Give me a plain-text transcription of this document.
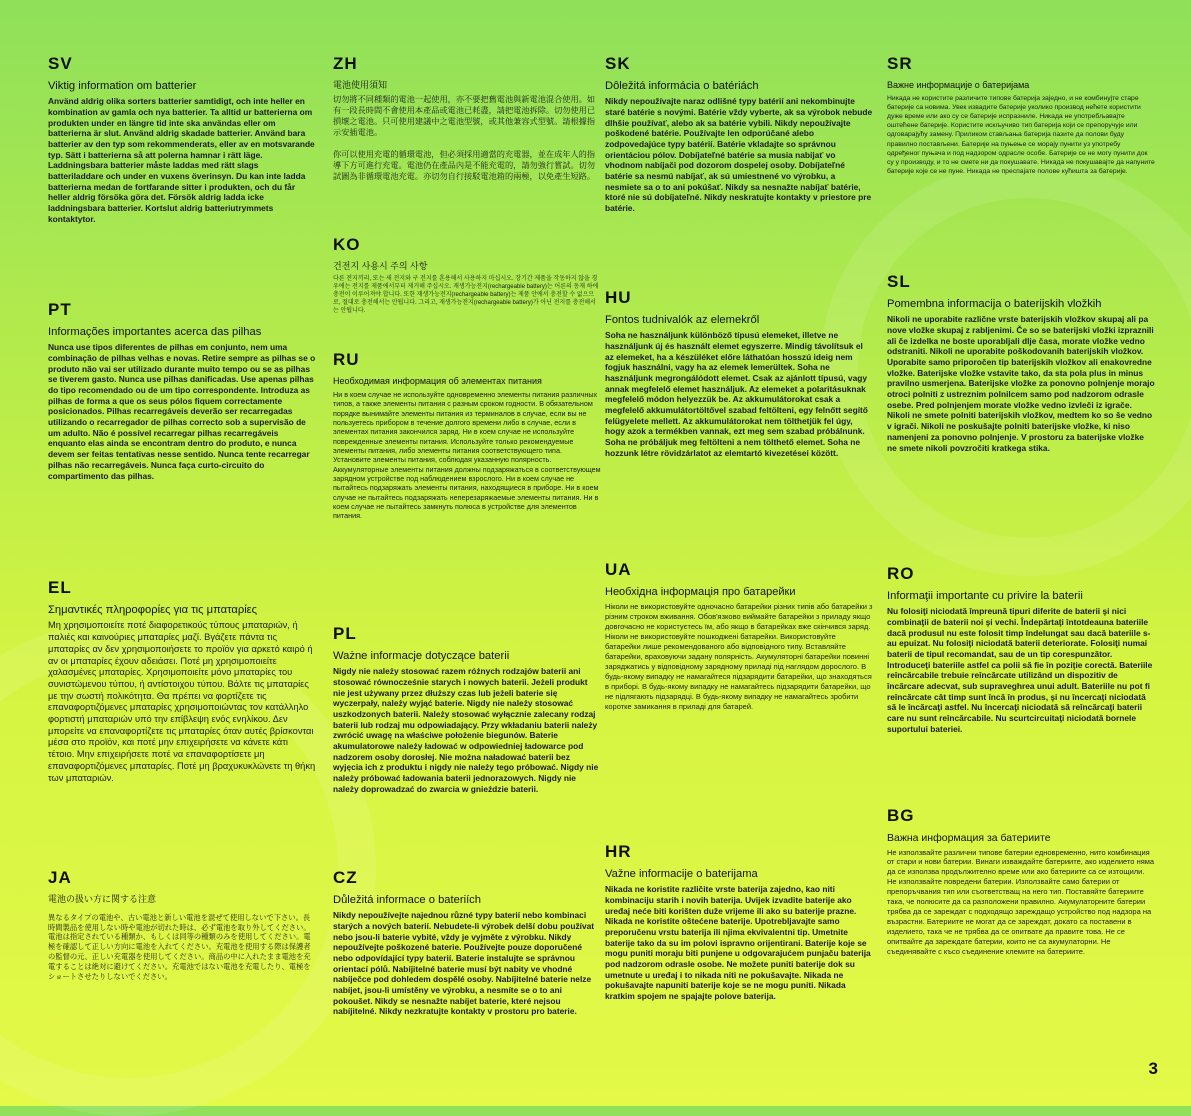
SV
Viktig information om batterier

Använd aldrig olika sorters batterier samtidigt, och inte heller en kombination av gamla och nya batterier. Ta alltid ur batterierna om produkten under en längre tid inte ska användas eller om batterierna är slut. Använd aldrig skadade batterier. Använd bara batterier av den typ som rekommenderats, eller av en motsvarande typ. Sätt i batterierna så att polerna hamnar i rätt läge. Laddningsbara batterier måste laddas med rätt slags batteriladdare och under en vuxens överinsyn. Du kan inte ladda batterierna medan de fortfarande sitter i produkten, och du får heller aldrig försöka göra det. Försök aldrig ladda icke laddningsbara batterier. Kortslut aldrig batteriutrymmets kontaktytor.

PT
Informações importantes acerca das pilhas

Nunca use tipos diferentes de pilhas em conjunto, nem uma combinação de pilhas velhas e novas. Retire sempre as pilhas se o produto não vai ser utilizado durante muito tempo ou se as pilhas se tiverem gasto. Nunca use pilhas danificadas. Use apenas pilhas do tipo recomendado ou de um tipo correspondente. Introduza as pilhas de forma a que os seus pólos fiquem correctamente posicionados. Pilhas recarregáveis deverão ser recarregadas utilizando o recarregador de pilhas correcto sob a supervisão de um adulto. Não é possível recarregar pilhas recarregáveis enquanto elas ainda se encontram dentro do produto, e nunca devem ser feitas tentativas nesse sentido. Nunca tente recarregar pilhas não recarregáveis. Nunca faça curto-circuito do compartimento das pilhas.

EL
Σημαντικές πληροφορίες για τις μπαταρίες

Μη χρησιμοποιείτε ποτέ διαφορετικούς τύπους μπαταριών, ή παλιές και καινούριες μπαταρίες μαζί. Βγάζετε πάντα τις μπαταρίες αν δεν χρησιμοποιήσετε το προϊόν για αρκετό καιρό ή αν οι μπαταρίες έχουν αδειάσει. Ποτέ μη χρησιμοποιείτε χαλασμένες μπαταρίες. Χρησιμοποιείτε μόνο μπαταρίες του συνιστώμενου τύπου, ή αντίστοιχου τύπου. Βάλτε τις μπαταρίες με την σωστή πολικότητα. Θα πρέπει να φορτίζετε τις επαναφορτιζόμενες μπαταρίες χρησιμοποιώντας τον κατάλληλο φορτιστή μπαταριών υπό την επίβλεψη ενός ενηλίκου. Δεν μπορείτε να επαναφορτίζετε τις μπαταρίες όταν αυτές βρίσκονται μέσα στο προϊόν, και ποτέ μην επιχειρήσετε να κάνετε κάτι τέτοιο. Μην επιχειρήσετε ποτέ να επαναφορτίσετε μη επαναφορτιζόμενες μπαταρίες. Ποτέ μη βραχυκυκλώνετε τη θήκη των μπαταριών.

JA
電池の扱い方に関する注意

異なるタイプの電池や、古い電池と新しい電池を混ぜて使用しないで下さい。長時間製品を使用しない時や電池が切れた時は、必ず電池を取り外してください。電池は指定されている種類か、もしくは同等の種類のみを使用してください。電極を確認して正しい方向に電池を入れてください。充電池を使用する際は保護者の監督の元、正しい充電器を使用してください。商品の中に入れたまま電池を充電することは絶対に避けてください。充電池ではない電池を充電したり、電極をショートさせたりしないでください。

ZH
電池使用須知

切勿將不同種類的電池一起使用，亦不要把舊電池與新電池混合使用。如有一段長時間不會使用本產品或電池已耗盡，請把電池拆除。切勿使用已損壞之電池。只可使用建議中之電池型號，或其他兼容式型號。請根據指示安插電池。

你可以使用充電的循環電池，但必須採用適當的充電器，並在成年人的指導下方可進行充電。電池仍在產品內是不能充電的，請勿強行嘗試。切勿試圖為非循環電池充電。亦切勿自行接駁電池箱的兩極，以免產生短路。

KO
건전지 사용시 주의 사항

다른 전지끼리, 또는 새 전지와 구 전지를 혼용해서 사용하지 마십시오. 장기간 제품을 작동하지 않을 경우에는 전지를 제품에서부터 제거해 주십시오. 재생가능전지(rechargeable battery)는 어른의 동재 하에 충전이 이루어져야 합니다. 또한 재생가능전지(rechargeable battery)는 제품 안에서 충전할 수 없으므로, 절대로 충전해서는 안됩니다. 그리고, 재생가능전지(rechargeable battery)가 아닌 전지를 충전해서는 안됩니다.

RU
Необходимая информация об элементах питания

Ни в коем случае не используйте одновременно элементы питания различных типов, а также элементы питания с разным сроком годности. В обязательном порядке вынимайте элементы питания из терминалов в случае, если вы не пользуетесь прибором в течение долгого времени либо в случае, если в элементах питания закончился заряд. Ни в коем случае не используйте поврежденные элементы питания. Используйте только рекомендуемые элементы питания, либо элементы питания соответствующего типа. Установите элементы питания, соблюдая указанную полярность. Аккумуляторные элементы питания должны подзаряжаться в соответствующем зарядном устройстве под наблюдением взрослого. Ни в коем случае не пытайтесь подзаряжать элементы питания, находящиеся в приборе. Ни в коем случае не пытайтесь подзаряжать неперезаряжаемые элементы питания. Ни в коем случае не пытайтесь замкнуть полюса в устройстве для элементов питания.

PL
Ważne informacje dotyczące baterii

Nigdy nie należy stosować razem różnych rodzajów baterii ani stosować równocześnie starych i nowych baterii. Jeżeli produkt nie jest używany przez dłuższy czas lub jeżeli baterie się wyczerpały, należy wyjąć baterie. Nigdy nie należy stosować uszkodzonych baterii. Należy stosować wyłącznie zalecany rodzaj baterii lub rodzaj mu odpowiadający. Przy wkładaniu baterii należy zwrócić uwagę na właściwe położenie biegunów. Baterie akumulatorowe należy ładować w odpowiedniej ładowarce pod nadzorem osoby dorosłej. Nie można naładować baterii bez wyjęcia ich z produktu i nigdy nie należy tego próbować. Nigdy nie należy próbować ładowania baterii jednorazowych. Nigdy nie należy doprowadzać do zwarcia w gnieździe baterii.

CZ
Důležitá informace o bateriích

Nikdy nepoužívejte najednou různé typy baterií nebo kombinaci starých a nových baterií. Nebudete-li výrobek delší dobu používat nebo jsou-li baterie vybité, vždy je vyjměte z výrobku. Nikdy nepoužívejte poškozené baterie. Používejte pouze doporučené nebo odpovídající typy baterií. Baterie instalujte se správnou orientací pólů. Nabíjitelné baterie musí být nabity ve vhodné nabíječce pod dohledem dospělé osoby. Nabíjitelné baterie nelze nabíjet, jsou-li umístěny ve výrobku, a nesmíte se o to ani pokoušet. Nikdy se nesnažte nabíjet baterie, které nejsou nabíjitelné. Nikdy nezkratujte kontakty v prostoru pro baterie.

SK
Dôležitá informácia o batériách

Nikdy nepoužívajte naraz odlišné typy batérií ani nekombinujte staré batérie s novými. Batérie vždy vyberte, ak sa výrobok nebude dlhšie používať, alebo ak sa batérie vybili. Nikdy nepoužívajte poškodené batérie. Používajte len odporúčané alebo zodpovedajúce typy batérií. Batérie vkladajte so správnou orientáciou pólov. Dobíjateľné batérie sa musia nabíjať vo vhodnom nabíjači pod dozorom dospelej osoby. Dobíjateľné batérie sa nesmú nabíjať, ak sú umiestnené vo výrobku, a nesmiete sa o to ani pokúšať. Nikdy sa nesnažte nabíjať batérie, ktoré nie sú dobíjateľné. Nikdy neskratujte kontakty v priestore pre batérie.

HU
Fontos tudnivalók az elemekről

Soha ne használjunk különböző típusú elemeket, illetve ne használjunk új és használt elemet egyszerre. Mindig távolítsuk el az elemeket, ha a készüléket előre láthatóan hosszú ideig nem fogjuk használni, vagy ha az elemek lemerültek. Soha ne használjunk megrongálódott elemet. Csak az ajánlott típusú, vagy annak megfelelő elemet használjuk. Az elemeket a polaritásuknak megfelelő módon helyezzük be. Az akkumulátorokat csak a megfelelő akkumulátortöltővel szabad feltölteni, egy felnőtt segítő felügyelete mellett. Az akkumulátorokat nem tölthetjük fel úgy, hogy azok a termékben vannak, ezt meg sem szabad próbálnunk. Soha ne próbáljuk meg feltölteni a nem tölthető elemet. Soha ne hozzunk létre rövidzárlatot az elemtartó kivezetései között.

UA
Необхідна інформація про батарейки

Ніколи не використовуйте одночасно батарейки різних типів або батарейки з різним строком вживання. Обов'язково виймайте батарейки з приладу якщо довгочасно не користуєтесь їм, або якщо в батарейках вже скінчився заряд. Ніколи не використовуйте пошкоджені батарейки. Використовуйте батарейки лише рекомендованого або відповідного типу. Вставляйте батарейки, враховуючи задану полярність. Акумуляторні батарейки повинні заряджатись у відповідному зарядному приладі під наглядом дорослого. В будь-якому випадку не намагайтеся підзарядити батарейки, що знаходяться в приборі. В будь-якому випадку не намагайтесь підзарядити батарейки, що не підлягають підзарядці. В будь-якому випадку не намагайтесь зробити коротке замикання в приладі для батарей.

HR
Važne informacije o baterijama

Nikada ne koristite različite vrste baterija zajedno, kao niti kombinaciju starih i novih baterija. Uvijek izvadite baterije ako uređaj neće biti korišten duže vrijeme ili ako su baterije prazne. Nikada ne koristite oštećene baterije. Upotrebljavajte samo preporučenu vrstu baterija ili njima ekvivalentni tip. Umetnite baterije tako da su im polovi ispravno orijentirani. Baterije koje se mogu puniti moraju biti punjene u odgovarajućem punjaču baterija pod nadzorom odrasle osobe. Ne možete puniti baterije dok su umetnute u uređaj i to nikada niti ne pokušavajte. Nikada ne pokušavajte napuniti baterije koje se ne mogu puniti. Nikada kratkim spojem ne spajajte polove baterija.

SR
Важне информације о батеријама

Никада не користите различите типове батерија заједно, и не комбинујте старе батерије са новима. Увек извадите батерије уколико производ нећете користити дуже време или ако су се батерије испразниле. Никада не употребљавајте оштећене батерије. Користите искључиво тип батерија који се препоручује или одговарајућу замену. Приликом стављања батерија пазите да полови буду правилно постављени. Батерије на пуњење се морају пунити уз употребу одређеног пуњача и под надзором одрасле особе. Батерије се не могу пунити док су у производу, и то не смете ни да покушавате. Никада не покушавајте да напуните батерије које се не пуне. Никада не преспајате полове кућишта за батерије.

SL
Pomembna informacija o baterijskih vložkih

Nikoli ne uporabite različne vrste baterijskih vložkov skupaj ali pa nove vložke skupaj z rabljenimi. Če so se baterijski vložki izpraznili ali če izdelka ne boste uporabljali dlje časa, morate vložke vedno odstraniti. Nikoli ne uporabite poškodovanih baterijskih vložkov. Uporabite samo priporočen tip baterijskih vložkov ali enakovredne vložke. Baterijske vložke vstavite tako, da sta pola plus in minus pravilno usmerjena. Baterijske vložke za ponovno polnjenje morajo otroci polniti z ustreznim polnilcem samo pod nadzorom odrasle osebe. Pred polnjenjem morate vložke vedno izvleči iz igrače. Nikoli ne smete polniti baterijskih vložkov, medtem ko so še vedno v igrači. Nikoli ne poskušajte polniti baterijske vložke, ki niso namenjeni za ponovno polnjenje. V prostoru za baterijske vložke ne smete nikoli povzročiti kratkega stika.

RO
Informaţii importante cu privire la baterii

Nu folosiţi niciodată împreună tipuri diferite de baterii şi nici combinaţii de baterii noi şi vechi. Îndepărtaţi întotdeauna bateriile dacă produsul nu este folosit timp îndelungat sau dacă bateriile s-au epuizat. Nu folosiţi niciodată baterii deteriorate. Folosiţi numai baterii de tipul recomandat, sau de un tip corespunzător. Introduceţi bateriile astfel ca polii să fie în poziţie corectă. Bateriile reîncărcabile trebuie reîncărcate utilizând un dispozitiv de încărcare adecvat, sub supraveghrea unui adult. Bateriile nu pot fi reîncărcate cât timp sunt încă în produs, şi nu încercaţi niciodată să le încărcaţi astfel. Nu încercaţi niciodată să reîncărcaţi baterii care nu sunt reîncărcabile. Nu scurtcircuitaţi niciodată bornele suportului bateriei.

BG
Важна информация за батериите

Не използвайте различни типове батерии едновременно, нито комбинация от стари и нови батерии. Винаги изваждайте батериите, ако изделието няма да се използва продължително време или ако батериите са се изтощили. Не използвайте повредени батерии. Използвайте само батерии от препоръчвания тип или съответстващ на него тип. Поставяйте батериите така, че полюсите да са разположени правилно. Акумулаторните батерии трябва да се зареждат с подходящо зареждащо устройство под надзора на възрастни. Батериите не могат да се зареждат, докато са поставени в изделието, така че не трябва да се опитвате да правите това. Не се опитвайте да зареждате батерии, които не са акумулаторни. Не съединявайте с късо съединение клемите на батериите.

3
